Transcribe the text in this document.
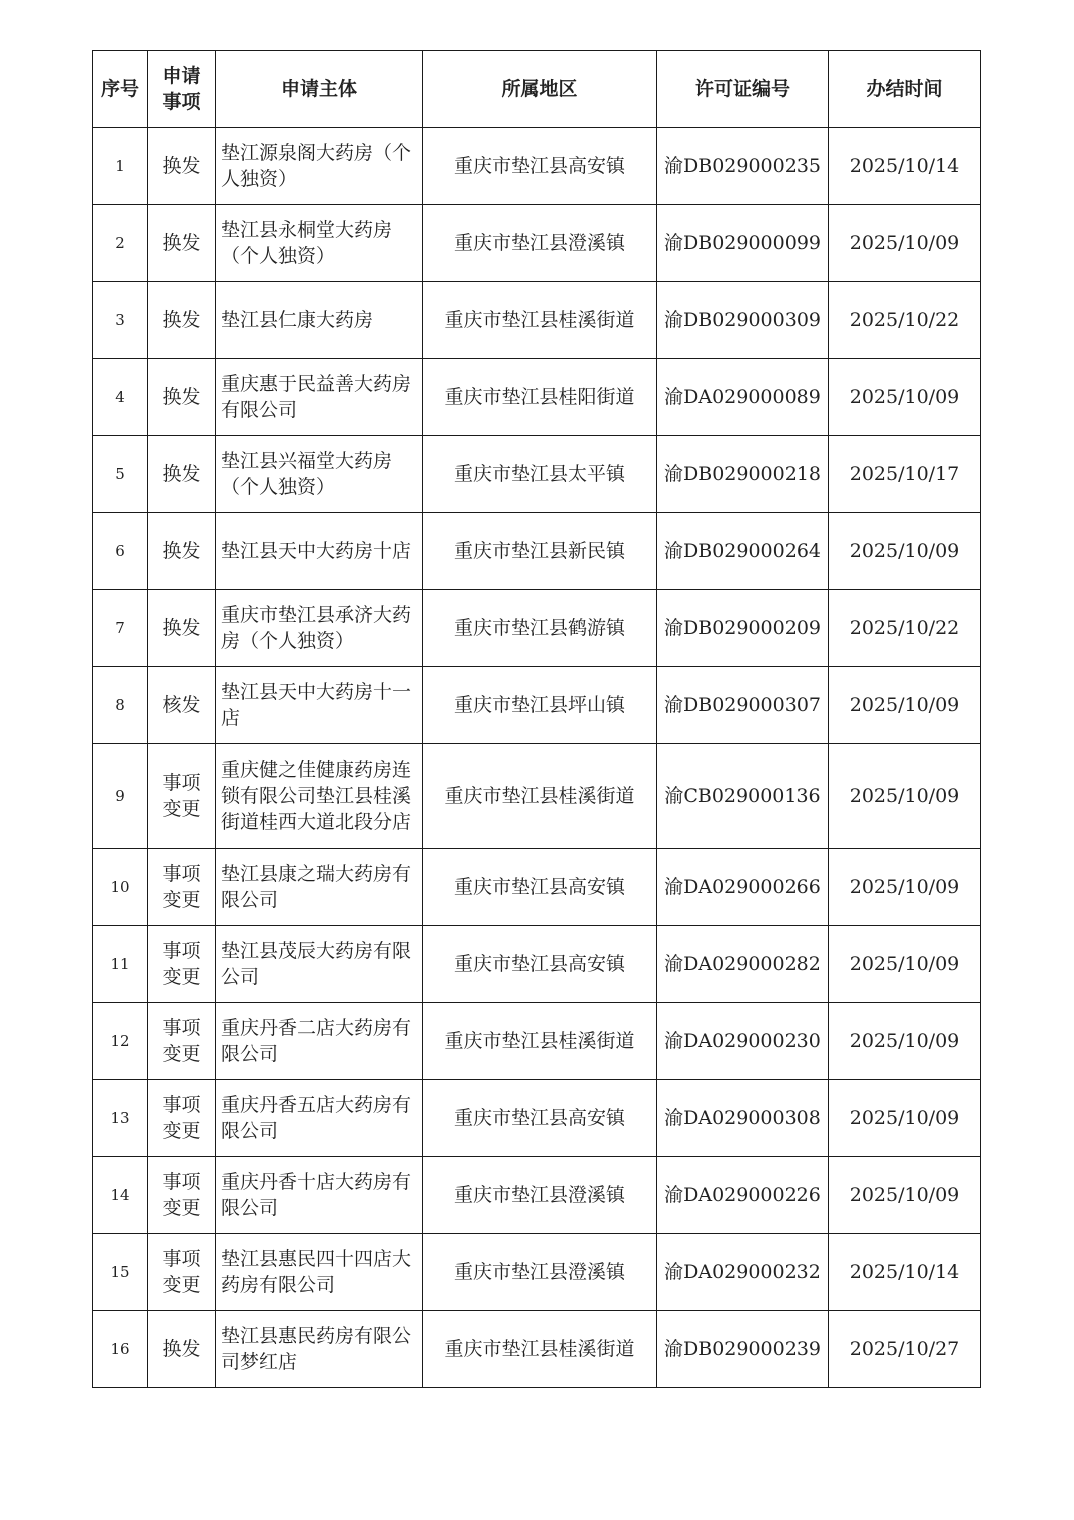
序号	申请事项	申请主体	所属地区	许可证编号	办结时间
1	换发	垫江源泉阁大药房（个人独资）	重庆市垫江县高安镇	渝DB029000235	2025/10/14
2	换发	垫江县永桐堂大药房（个人独资）	重庆市垫江县澄溪镇	渝DB029000099	2025/10/09
3	换发	垫江县仁康大药房	重庆市垫江县桂溪街道	渝DB029000309	2025/10/22
4	换发	重庆惠于民益善大药房有限公司	重庆市垫江县桂阳街道	渝DA029000089	2025/10/09
5	换发	垫江县兴福堂大药房（个人独资）	重庆市垫江县太平镇	渝DB029000218	2025/10/17
6	换发	垫江县天中大药房十店	重庆市垫江县新民镇	渝DB029000264	2025/10/09
7	换发	重庆市垫江县承济大药房（个人独资）	重庆市垫江县鹤游镇	渝DB029000209	2025/10/22
8	核发	垫江县天中大药房十一店	重庆市垫江县坪山镇	渝DB029000307	2025/10/09
9	事项变更	重庆健之佳健康药房连锁有限公司垫江县桂溪街道桂西大道北段分店	重庆市垫江县桂溪街道	渝CB029000136	2025/10/09
10	事项变更	垫江县康之瑞大药房有限公司	重庆市垫江县高安镇	渝DA029000266	2025/10/09
11	事项变更	垫江县茂辰大药房有限公司	重庆市垫江县高安镇	渝DA029000282	2025/10/09
12	事项变更	重庆丹香二店大药房有限公司	重庆市垫江县桂溪街道	渝DA029000230	2025/10/09
13	事项变更	重庆丹香五店大药房有限公司	重庆市垫江县高安镇	渝DA029000308	2025/10/09
14	事项变更	重庆丹香十店大药房有限公司	重庆市垫江县澄溪镇	渝DA029000226	2025/10/09
15	事项变更	垫江县惠民四十四店大药房有限公司	重庆市垫江县澄溪镇	渝DA029000232	2025/10/14
16	换发	垫江县惠民药房有限公司梦红店	重庆市垫江县桂溪街道	渝DB029000239	2025/10/27
